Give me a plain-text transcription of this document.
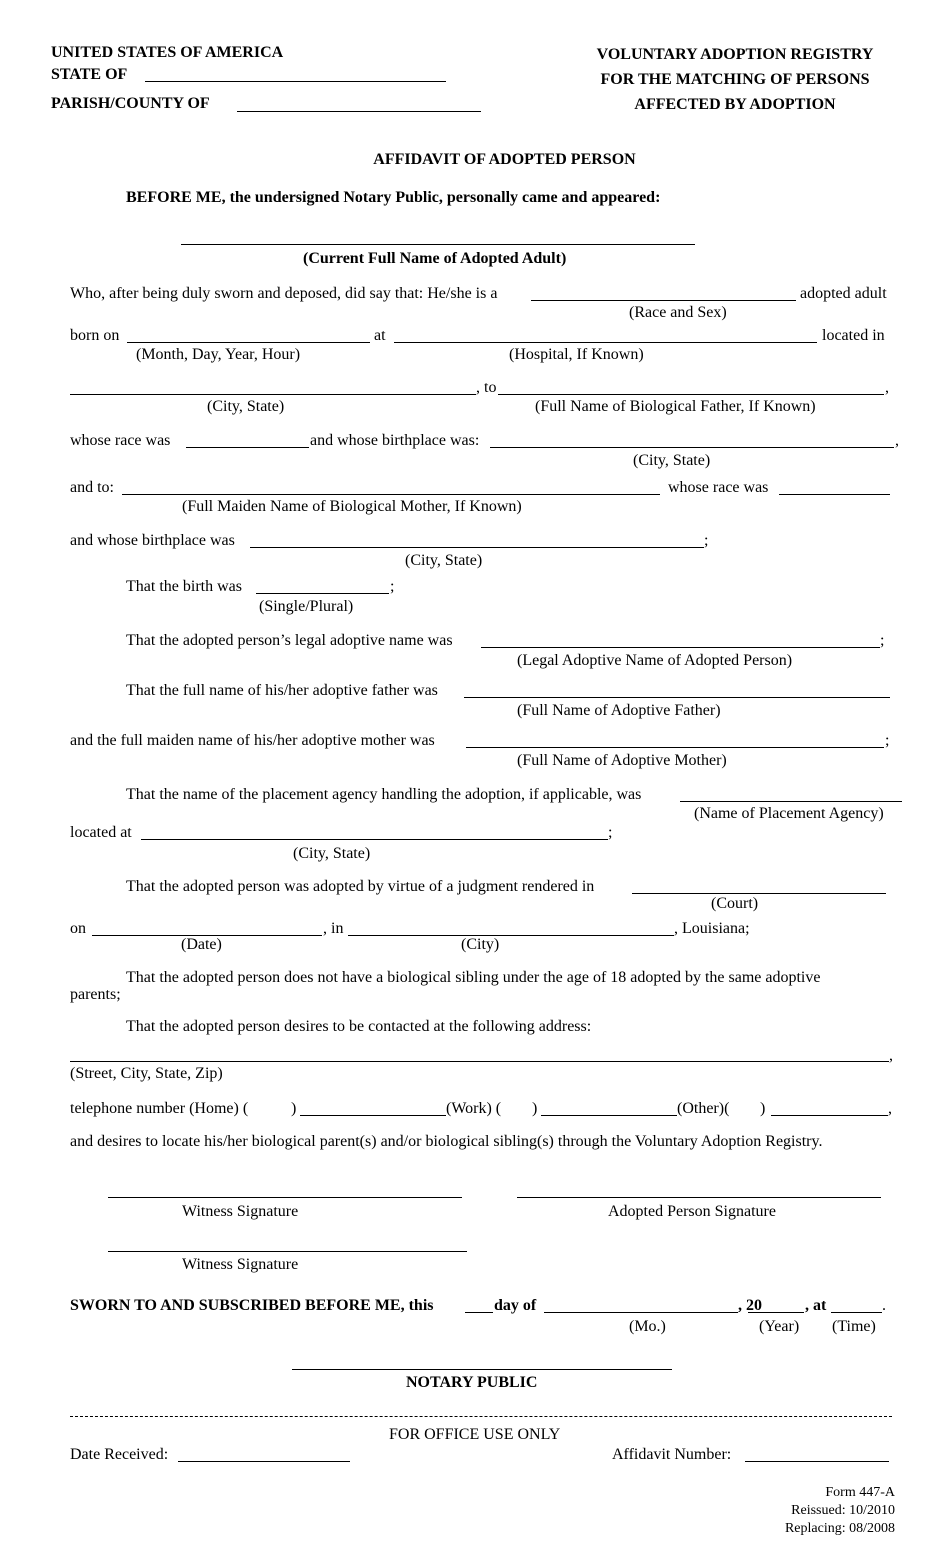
UNITED STATES OF AMERICA
STATE OF
PARISH/COUNTY OF
VOLUNTARY ADOPTION REGISTRY
FOR THE MATCHING OF PERSONS
AFFECTED BY ADOPTION
AFFIDAVIT OF ADOPTED PERSON
BEFORE ME, the undersigned Notary Public, personally came and appeared:
(Current Full Name of Adopted Adult)
Who, after being duly sworn and deposed, did say that: He/she is a	adopted adult
(Race and Sex)
born on	at	located in
(Month, Day, Year, Hour)	(Hospital, If Known)
, to	,
(City, State)	(Full Name of Biological Father, If Known)
whose race was	and whose birthplace was:	,
(City, State)
and to:	whose race was
(Full Maiden Name of Biological Mother, If Known)
and whose birthplace was	;
(City, State)
That the birth was	;
(Single/Plural)
That the adopted person’s legal adoptive name was	;
(Legal Adoptive Name of Adopted Person)
That the full name of his/her adoptive father was
(Full Name of Adoptive Father)
and the full maiden name of his/her adoptive mother was	;
(Full Name of Adoptive Mother)
That the name of the placement agency handling the adoption, if applicable, was
(Name of Placement Agency)
located at	;
(City, State)
That the adopted person was adopted by virtue of a judgment rendered in
(Court)
on	, in	, Louisiana;
(Date)	(City)
That the adopted person does not have a biological sibling under the age of 18 adopted by the same adoptive
parents;
That the adopted person desires to be contacted at the following address:
,
(Street, City, State, Zip)
telephone number (Home) (	)	(Work) ( )	(Other)( )	,
and desires to locate his/her biological parent(s) and/or biological sibling(s) through the Voluntary Adoption Registry.
Witness Signature	Adopted Person Signature
Witness Signature
SWORN TO AND SUBSCRIBED BEFORE ME, this	day of	, 20	, at	.
(Mo.)	(Year) (Time)
NOTARY PUBLIC
FOR OFFICE USE ONLY
Date Received:	Affidavit Number:
Form 447-A
Reissued: 10/2010
Replacing: 08/2008
